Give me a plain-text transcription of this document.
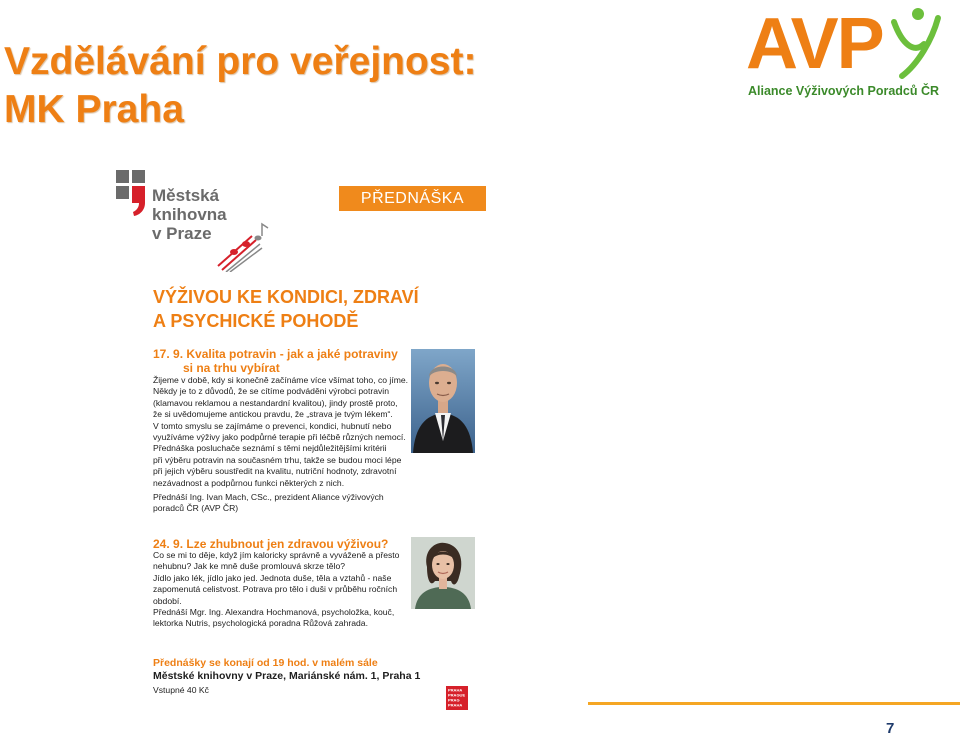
Vzdělávání pro veřejnost:
MK Praha
AVP
Aliance Výživových Poradců ČR
Městská
knihovna
v Praze
PŘEDNÁŠKA
VÝŽIVOU KE KONDICI, ZDRAVÍ
A PSYCHICKÉ POHODĚ
17. 9. Kvalita potravin - jak a jaké potraviny
si na trhu vybírat
Žijeme v době, kdy si konečně začínáme více všímat toho, co jíme.
Někdy je to z důvodů, že se cítíme podváděni výrobci potravin
(klamavou reklamou a nestandardní kvalitou), jindy prostě proto,
že si uvědomujeme antickou pravdu, že „strava je tvým lékem“.
V tomto smyslu se zajímáme o prevenci, kondici, hubnutí nebo
využíváme výživy jako podpůrné terapie při léčbě různých nemocí.
Přednáška posluchače seznámí s těmi nejdůležitějšími kritérii
při výběru potravin na současném trhu, takže se budou moci lépe
při jejich výběru soustředit na kvalitu, nutriční hodnoty, zdravotní
nezávadnost a podpůrnou funkci některých z nich.
Přednáší Ing. Ivan Mach, CSc., prezident Aliance výživových
poradců ČR (AVP ČR)
24. 9. Lze zhubnout jen zdravou výživou?
Co se mi to děje, když jím kaloricky správně a vyváženě a přesto
nehubnu? Jak ke mně duše promlouvá skrze tělo?
Jídlo jako lék, jídlo jako jed. Jednota duše, těla a vztahů - naše
zapomenutá celistvost. Potrava pro tělo i duši v průběhu ročních
období.
Přednáší Mgr. Ing. Alexandra Hochmanová, psycholožka, kouč,
lektorka Nutris, psychologická poradna Růžová zahrada.
Přednášky se konají od 19 hod. v malém sále
Městské knihovny v Praze, Mariánské nám. 1, Praha 1
Vstupné 40 Kč	PRAHA
PRAGUE
PRAG
PRAHA
7
